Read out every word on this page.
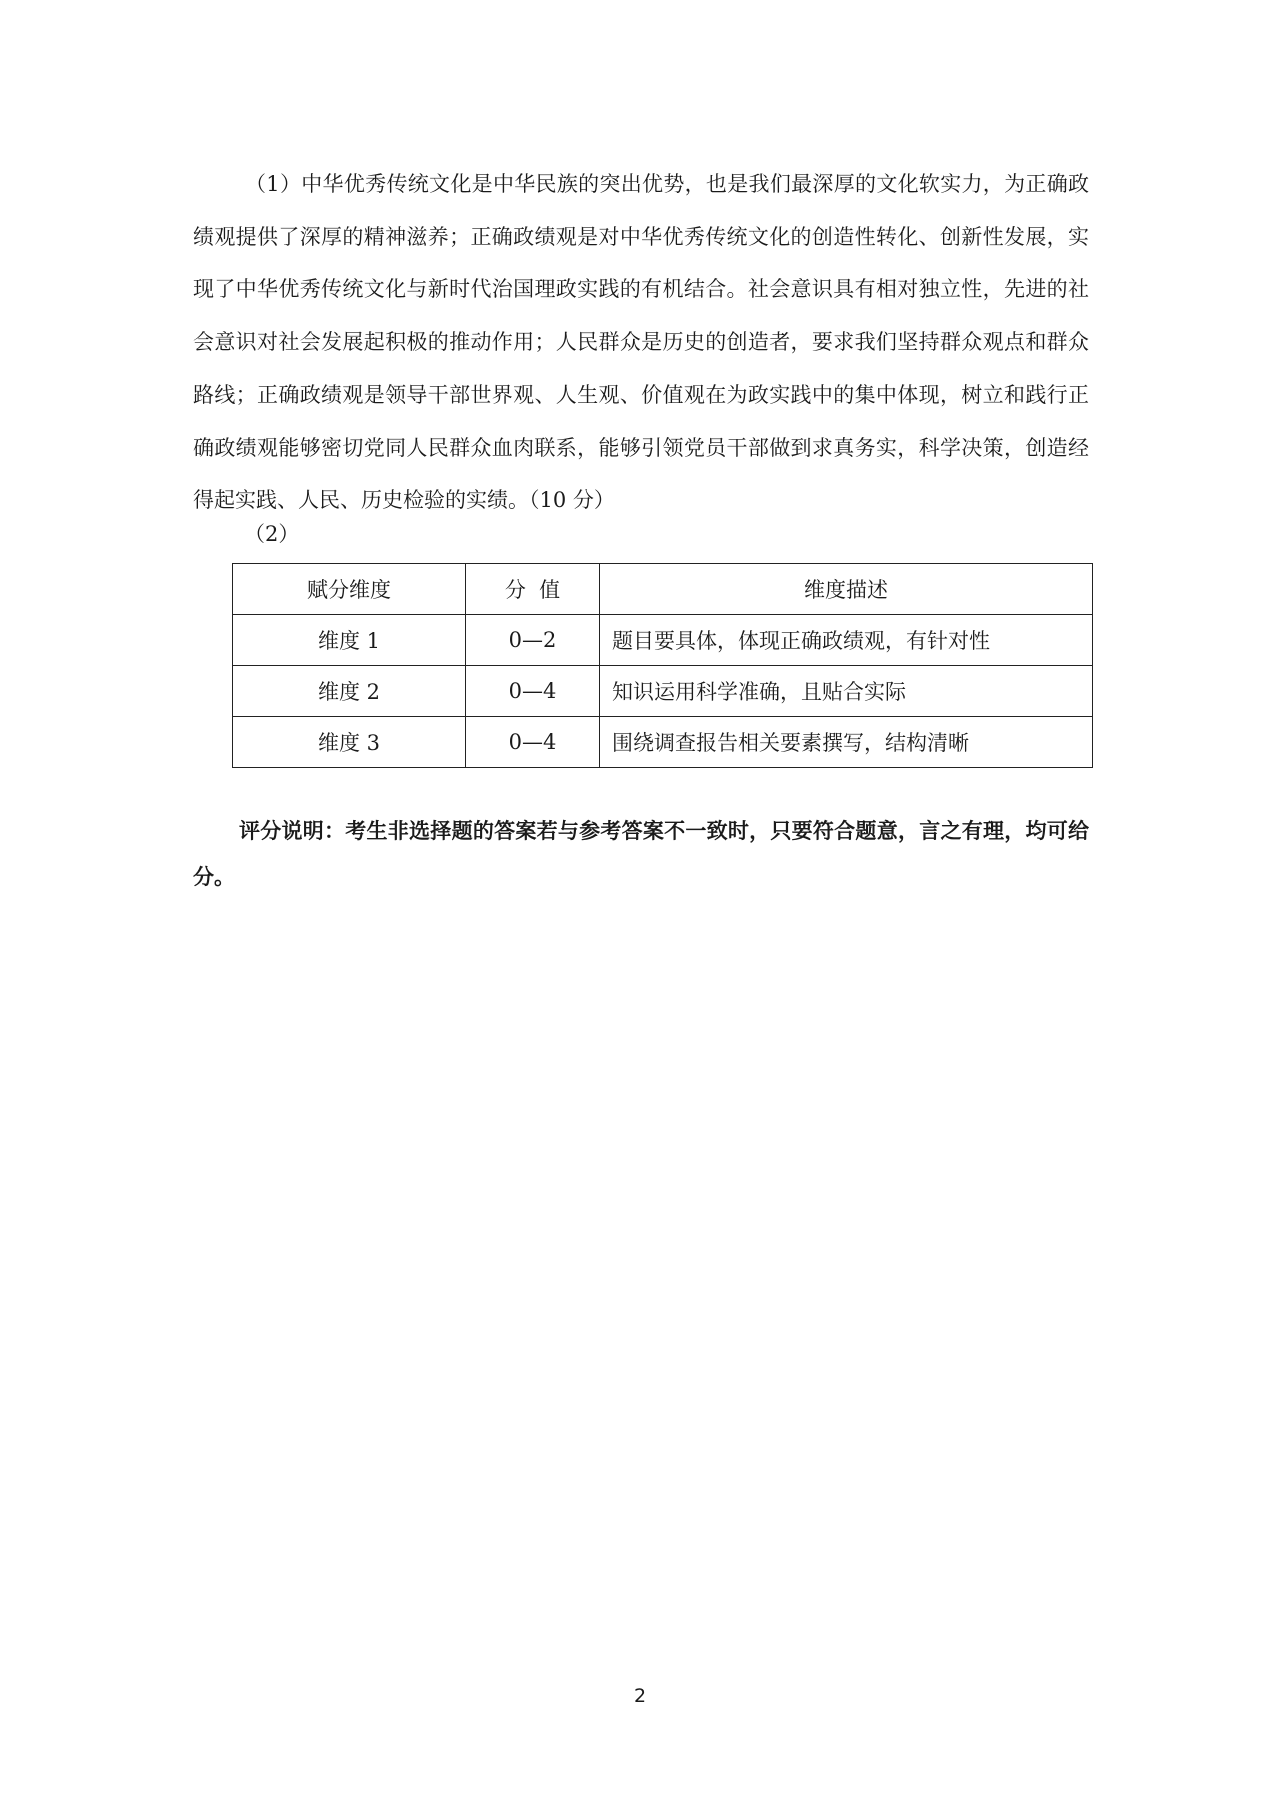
（1）中华优秀传统文化是中华民族的突出优势，也是我们最深厚的文化软实力，为正确政绩观提供了深厚的精神滋养；正确政绩观是对中华优秀传统文化的创造性转化、创新性发展，实现了中华优秀传统文化与新时代治国理政实践的有机结合。社会意识具有相对独立性，先进的社会意识对社会发展起积极的推动作用；人民群众是历史的创造者，要求我们坚持群众观点和群众路线；正确政绩观是领导干部世界观、人生观、价值观在为政实践中的集中体现，树立和践行正确政绩观能够密切党同人民群众血肉联系，能够引领党员干部做到求真务实，科学决策，创造经得起实践、人民、历史检验的实绩。（10 分）

（2）

赋分维度	分  值	维度描述
维度 1	0—2	题目要具体，体现正确政绩观，有针对性
维度 2	0—4	知识运用科学准确，且贴合实际
维度 3	0—4	围绕调查报告相关要素撰写，结构清晰

评分说明：考生非选择题的答案若与参考答案不一致时，只要符合题意，言之有理，均可给分。

2
